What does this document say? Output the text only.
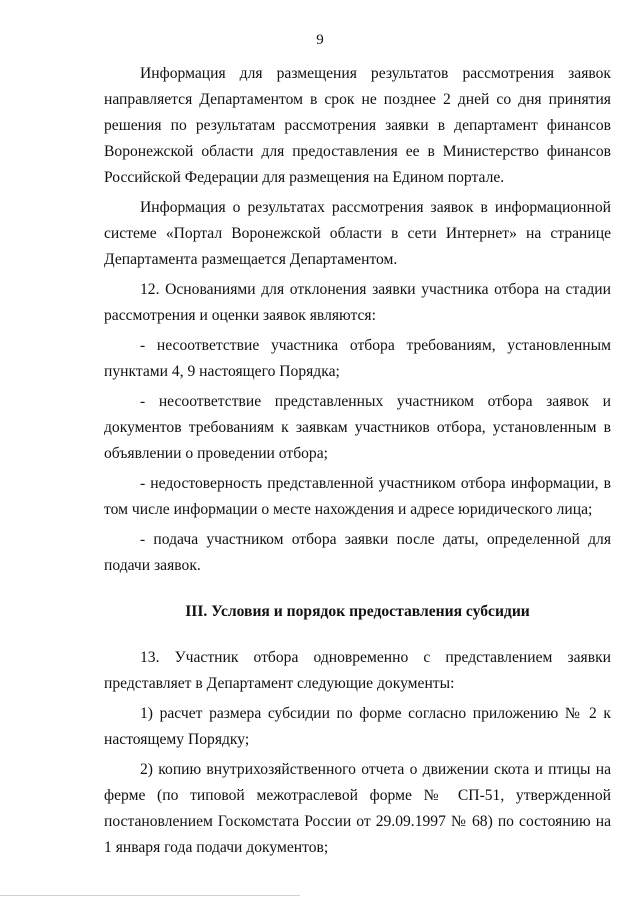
9

Информация для размещения результатов рассмотрения заявок направляется Департаментом в срок не позднее 2 дней со дня принятия решения по результатам рассмотрения заявки в департамент финансов Воронежской области для предоставления ее в Министерство финансов Российской Федерации для размещения на Едином портале.

Информация о результатах рассмотрения заявок в информационной системе «Портал Воронежской области в сети Интернет» на странице Департамента размещается Департаментом.

12. Основаниями для отклонения заявки участника отбора на стадии рассмотрения и оценки заявок являются:

- несоответствие участника отбора требованиям, установленным пунктами 4, 9 настоящего Порядка;

- несоответствие представленных участником отбора заявок и документов требованиям к заявкам участников отбора, установленным в объявлении о проведении отбора;

- недостоверность представленной участником отбора информации, в том числе информации о месте нахождения и адресе юридического лица;

- подача участником отбора заявки после даты, определенной для подачи заявок.

III. Условия и порядок предоставления субсидии

13. Участник отбора одновременно с представлением заявки представляет в Департамент следующие документы:

1) расчет размера субсидии по форме согласно приложению № 2 к настоящему Порядку;

2) копию внутрихозяйственного отчета о движении скота и птицы на ферме (по типовой межотраслевой форме № СП-51, утвержденной постановлением Госкомстата России от 29.09.1997 № 68) по состоянию на 1 января года подачи документов;
